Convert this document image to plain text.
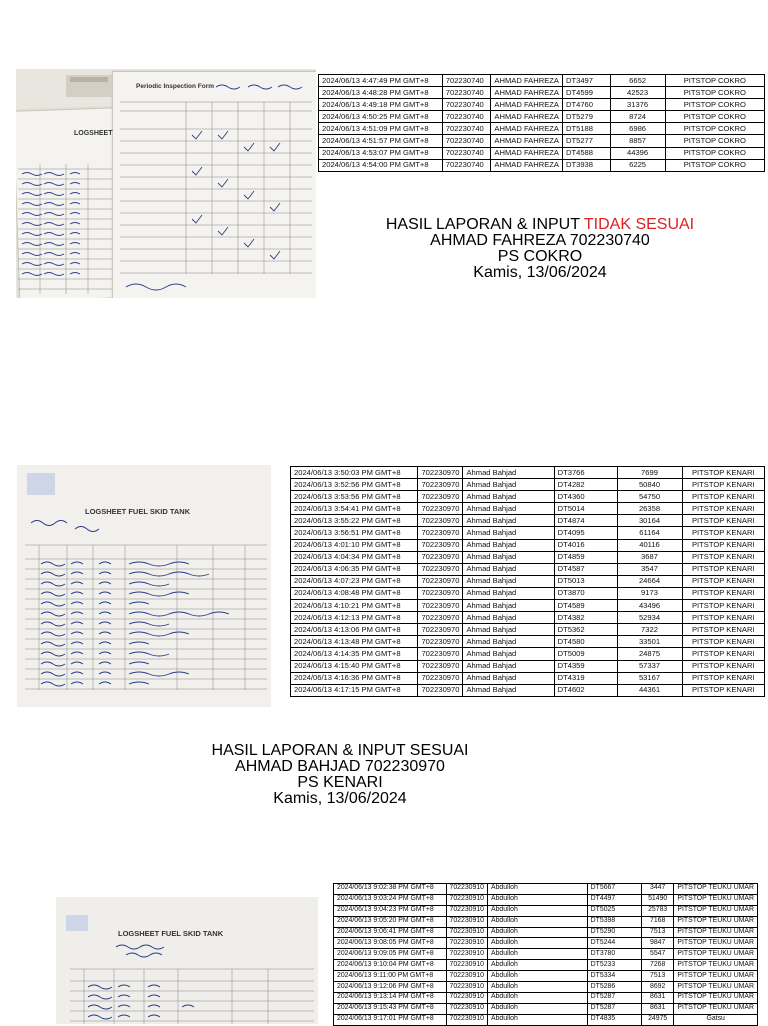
Periodic Inspection Form
LOGSHEET
2024/06/13 4:47:49 PM GMT+8	702230740	AHMAD FAHREZA	DT3497	6652	PITSTOP COKRO
2024/06/13 4:48:28 PM GMT+8	702230740	AHMAD FAHREZA	DT4599	42523	PITSTOP COKRO
2024/06/13 4:49:18 PM GMT+8	702230740	AHMAD FAHREZA	DT4760	31376	PITSTOP COKRO
2024/06/13 4:50:25 PM GMT+8	702230740	AHMAD FAHREZA	DT5279	8724	PITSTOP COKRO
2024/06/13 4:51:09 PM GMT+8	702230740	AHMAD FAHREZA	DT5188	6986	PITSTOP COKRO
2024/06/13 4:51:57 PM GMT+8	702230740	AHMAD FAHREZA	DT5277	8857	PITSTOP COKRO
2024/06/13 4:53:07 PM GMT+8	702230740	AHMAD FAHREZA	DT4588	44396	PITSTOP COKRO
2024/06/13 4:54:00 PM GMT+8	702230740	AHMAD FAHREZA	DT3938	6225	PITSTOP COKRO
HASIL LAPORAN & INPUT TIDAK SESUAI
AHMAD FAHREZA 702230740
PS COKRO
Kamis, 13/06/2024
LOGSHEET FUEL SKID TANK
2024/06/13 3:50:03 PM GMT+8	702230970	Ahmad Bahjad	DT3766	7699	PITSTOP KENARI
2024/06/13 3:52:56 PM GMT+8	702230970	Ahmad Bahjad	DT4282	50840	PITSTOP KENARI
2024/06/13 3:53:56 PM GMT+8	702230970	Ahmad Bahjad	DT4360	54750	PITSTOP KENARI
2024/06/13 3:54:41 PM GMT+8	702230970	Ahmad Bahjad	DT5014	26358	PITSTOP KENARI
2024/06/13 3:55:22 PM GMT+8	702230970	Ahmad Bahjad	DT4874	30164	PITSTOP KENARI
2024/06/13 3:56:51 PM GMT+8	702230970	Ahmad Bahjad	DT4095	61164	PITSTOP KENARI
2024/06/13 4:01:10 PM GMT+8	702230970	Ahmad Bahjad	DT4016	40116	PITSTOP KENARI
2024/06/13 4:04:34 PM GMT+8	702230970	Ahmad Bahjad	DT4859	3687	PITSTOP KENARI
2024/06/13 4:06:35 PM GMT+8	702230970	Ahmad Bahjad	DT4587	3547	PITSTOP KENARI
2024/06/13 4:07:23 PM GMT+8	702230970	Ahmad Bahjad	DT5013	24664	PITSTOP KENARI
2024/06/13 4:08:48 PM GMT+8	702230970	Ahmad Bahjad	DT3870	9173	PITSTOP KENARI
2024/06/13 4:10:21 PM GMT+8	702230970	Ahmad Bahjad	DT4589	43496	PITSTOP KENARI
2024/06/13 4:12:13 PM GMT+8	702230970	Ahmad Bahjad	DT4382	52934	PITSTOP KENARI
2024/06/13 4:13:06 PM GMT+8	702230970	Ahmad Bahjad	DT5362	7322	PITSTOP KENARI
2024/06/13 4:13:48 PM GMT+8	702230970	Ahmad Bahjad	DT4580	33501	PITSTOP KENARI
2024/06/13 4:14:35 PM GMT+8	702230970	Ahmad Bahjad	DT5009	24875	PITSTOP KENARI
2024/06/13 4:15:40 PM GMT+8	702230970	Ahmad Bahjad	DT4359	57337	PITSTOP KENARI
2024/06/13 4:16:36 PM GMT+8	702230970	Ahmad Bahjad	DT4319	53167	PITSTOP KENARI
2024/06/13 4:17:15 PM GMT+8	702230970	Ahmad Bahjad	DT4602	44361	PITSTOP KENARI
HASIL LAPORAN & INPUT SESUAI
AHMAD BAHJAD 702230970
PS KENARI
Kamis, 13/06/2024
LOGSHEET FUEL SKID TANK
2024/06/13 9:02:38 PM GMT+8	702230910	Abdulloh	DT5667	3447	PITSTOP TEUKU UMAR
2024/06/13 9:03:24 PM GMT+8	702230910	Abdulloh	DT4497	51490	PITSTOP TEUKU UMAR
2024/06/13 9:04:23 PM GMT+8	702230910	Abdulloh	DT5025	25783	PITSTOP TEUKU UMAR
2024/06/13 9:05:20 PM GMT+8	702230910	Abdulloh	DT5398	7168	PITSTOP TEUKU UMAR
2024/06/13 9:06:41 PM GMT+8	702230910	Abdulloh	DT5290	7513	PITSTOP TEUKU UMAR
2024/06/13 9:08:05 PM GMT+8	702230910	Abdulloh	DT5244	9847	PITSTOP TEUKU UMAR
2024/06/13 9:09:05 PM GMT+8	702230910	Abdulloh	DT3780	5547	PITSTOP TEUKU UMAR
2024/06/13 9:10:04 PM GMT+8	702230910	Abdulloh	DT5233	7268	PITSTOP TEUKU UMAR
2024/06/13 9:11:00 PM GMT+8	702230910	Abdulloh	DT5334	7513	PITSTOP TEUKU UMAR
2024/06/13 9:12:06 PM GMT+8	702230910	Abdulloh	DT5286	8692	PITSTOP TEUKU UMAR
2024/06/13 9:13:14 PM GMT+8	702230910	Abdulloh	DT5287	8631	PITSTOP TEUKU UMAR
2024/06/13 9:15:43 PM GMT+8	702230910	Abdulloh	DT5287	8631	PITSTOP TEUKU UMAR
2024/06/13 9:17:01 PM GMT+8	702230910	Abdulloh	DT4835	24975	Gatsu
